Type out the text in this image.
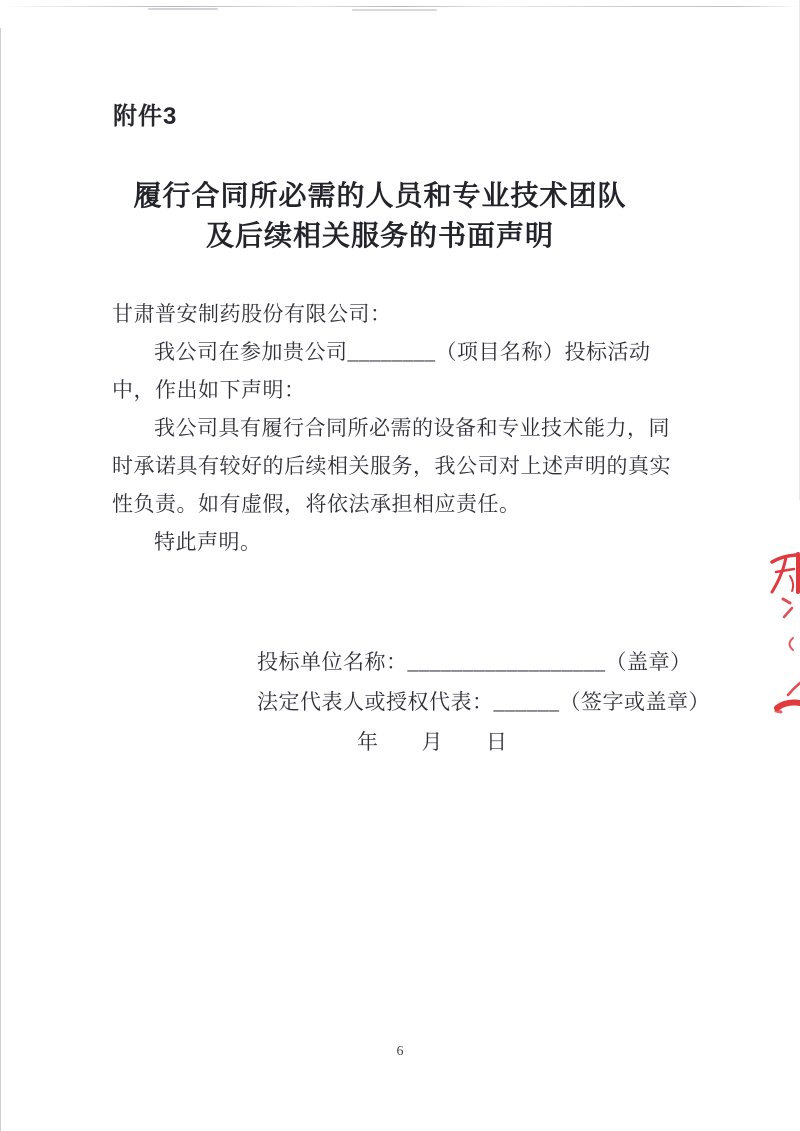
附件3
履行合同所必需的人员和专业技术团队
及后续相关服务的书面声明
甘肃普安制药股份有限公司：
我公司在参加贵公司________（项目名称）投标活动
中，作出如下声明：
我公司具有履行合同所必需的设备和专业技术能力，同
时承诺具有较好的后续相关服务，我公司对上述声明的真实
性负责。如有虚假，将依法承担相应责任。
特此声明。
投标单位名称：__________________（盖章）
法定代表人或授权代表：______（签字或盖章）
年　　月　　日
6
